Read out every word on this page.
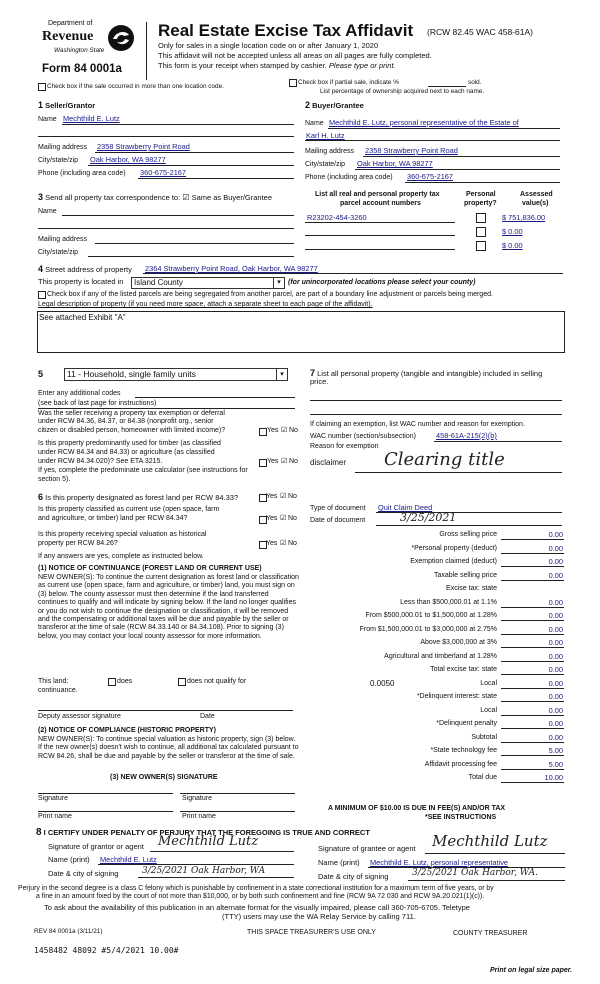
Department of
Revenue
Washington State
Form 84 0001a
Real Estate Excise Tax Affidavit (RCW 82.45 WAC 458-61A)
Only for sales in a single location code on or after January 1, 2020
This affidavit will not be accepted unless all areas on all pages are fully completed.
This form is your receipt when stamped by cashier. Please type or print.
Check box if the sale occurred in more than one location code.
Check box if partial sale, indicate %	sold.
List percentage of ownership acquired next to each name.
1 Seller/Grantor
Name Mechthild E. Lutz
Mailing address 2358 Strawberry Point Road
City/state/zip Oak Harbor, WA 98277
Phone (including area code) 360-675-2167
2 Buyer/Grantee
Name Mechthild E. Lutz, personal representative of the Estate of
Karl H. Lutz
Mailing address 2358 Strawberry Point Road
City/state/zip Oak Harbor, WA 98277
Phone (including area code) 360-675-2167
3 Send all property tax correspondence to: ☑ Same as Buyer/Grantee
Name
Mailing address
City/state/zip
List all real and personal property tax
parcel account numbers
Personal
property?
Assessed
value(s)
R23202-454-3260	$ 751,836.00
$ 0.00
$ 0.00
4 Street address of property 2364 Strawberry Point Road, Oak Harbor, WA 98277
This property is located in Island County	▾	(for unincorporated locations please select your county)
Check box if any of the listed parcels are being segregated from another parcel, are part of a boundary line adjustment or parcels being merged.
Legal description of property (if you need more space, attach a separate sheet to each page of the affidavit).
See attached Exhibit "A"
5	11 - Household, single family units	▾
Enter any additional codes
(see back of last page for instructions)
Was the seller receiving a property tax exemption or deferral
under RCW 84.36, 84.37, or 84.38 (nonprofit org., senior
citizen or disabled person, homeowner with limited income)?	Yes ☑ No
Is this property predominantly used for timber (as classified
under RCW 84.34 and 84.33) or agriculture (as classified
under RCW 84.34.020)? See ETA 3215.	Yes ☑ No
If yes, complete the predominate use calculator (see instructions for
section 5).
6 Is this property designated as forest land per RCW 84.33?	Yes ☑ No
Is this property classified as current use (open space, farm
and agriculture, or timber) land per RCW 84.34?	Yes ☑ No
Is this property receiving special valuation as historical
property per RCW 84.26?	Yes ☑ No
If any answers are yes, complete as instructed below.
(1) NOTICE OF CONTINUANCE (FOREST LAND OR CURRENT USE)
NEW OWNER(S): To continue the current designation as forest land or classification as current use (open space, farm and agriculture, or timber) land, you must sign on (3) below. The county assessor must then determine if the land transferred continues to qualify and will indicate by signing below. If the land no longer qualifies or you do not wish to continue the designation or classification, it will be removed and the compensating or additional taxes will be due and payable by the seller or transferor at the time of sale (RCW 84.33.140 or 84.34.108). Prior to signing (3) below, you may contact your local county assessor for more information.
This land:	does	does not qualify for
continuance.
Deputy assessor signature	Date
(2) NOTICE OF COMPLIANCE (HISTORIC PROPERTY)
NEW OWNER(S): To continue special valuation as historic property, sign (3) below. If the new owner(s) doesn't wish to continue, all additional tax calculated pursuant to RCW 84.26, shall be due and payable by the seller or transferor at the time of sale.
(3) NEW OWNER(S) SIGNATURE
Signature	Signature
Print name	Print name
7 List all personal property (tangible and intangible) included in selling
price.
If claiming an exemption, list WAC number and reason for exemption.
WAC number (section/subsection)	458-61A-215(2)(b)
Reason for exemption
disclaimer Clearing title
Type of document Quit Claim Deed
Date of document	3/25/2021
Gross selling price	0.00
*Personal property (deduct)	0.00
Exemption claimed (deduct)	0.00
Taxable selling price	0.00
Excise tax: state
Less than $500,000.01 at 1.1%	0.00
From $500,000.01 to $1,500,000 at 1.28%	0.00
From $1,500,000.01 to $3,000,000 at 2.75%	0.00
Above $3,000,000 at 3%	0.00
Agricultural and timberland at 1.28%	0.00
Total excise tax: state	0.00
Local
0.0050	0.00
*Delinquent interest: state	0.00
Local	0.00
*Delinquent penalty	0.00
Subtotal	0.00
*State technology fee	5.00
Affidavit processing fee	5.00
Total due	10.00
A MINIMUM OF $10.00 IS DUE IN FEE(S) AND/OR TAX
*SEE INSTRUCTIONS
8 I CERTIFY UNDER PENALTY OF PERJURY THAT THE FOREGOING IS TRUE AND CORRECT
Signature of grantor or agent Mechthild Lutz
Name (print) Mechthild E. Lutz
Date & city of signing	3/25/2021 Oak Harbor, WA
Signature of grantee or agent Mechthild Lutz
Name (print) Mechthild E. Lutz, personal representative
Date & city of signing	3/25/2021 Oak Harbor, WA.
Perjury in the second degree is a class C felony which is punishable by confinement in a state correctional institution for a maximum term of five years, or by
a fine in an amount fixed by the court of not more than $10,000, or by both such confinement and fine (RCW 9A 72 030 and RCW 9A.20.021(1)(c)).
To ask about the availability of this publication in an alternate format for the visually impaired, please call 360-705-6705. Teletype
(TTY) users may use the WA Relay Service by calling 711.
REV 84 0001a (3/11/21)	THIS SPACE TREASURER'S USE ONLY	COUNTY TREASURER
1458482 48092 #5/4/2021 10.00#
Print on legal size paper.
